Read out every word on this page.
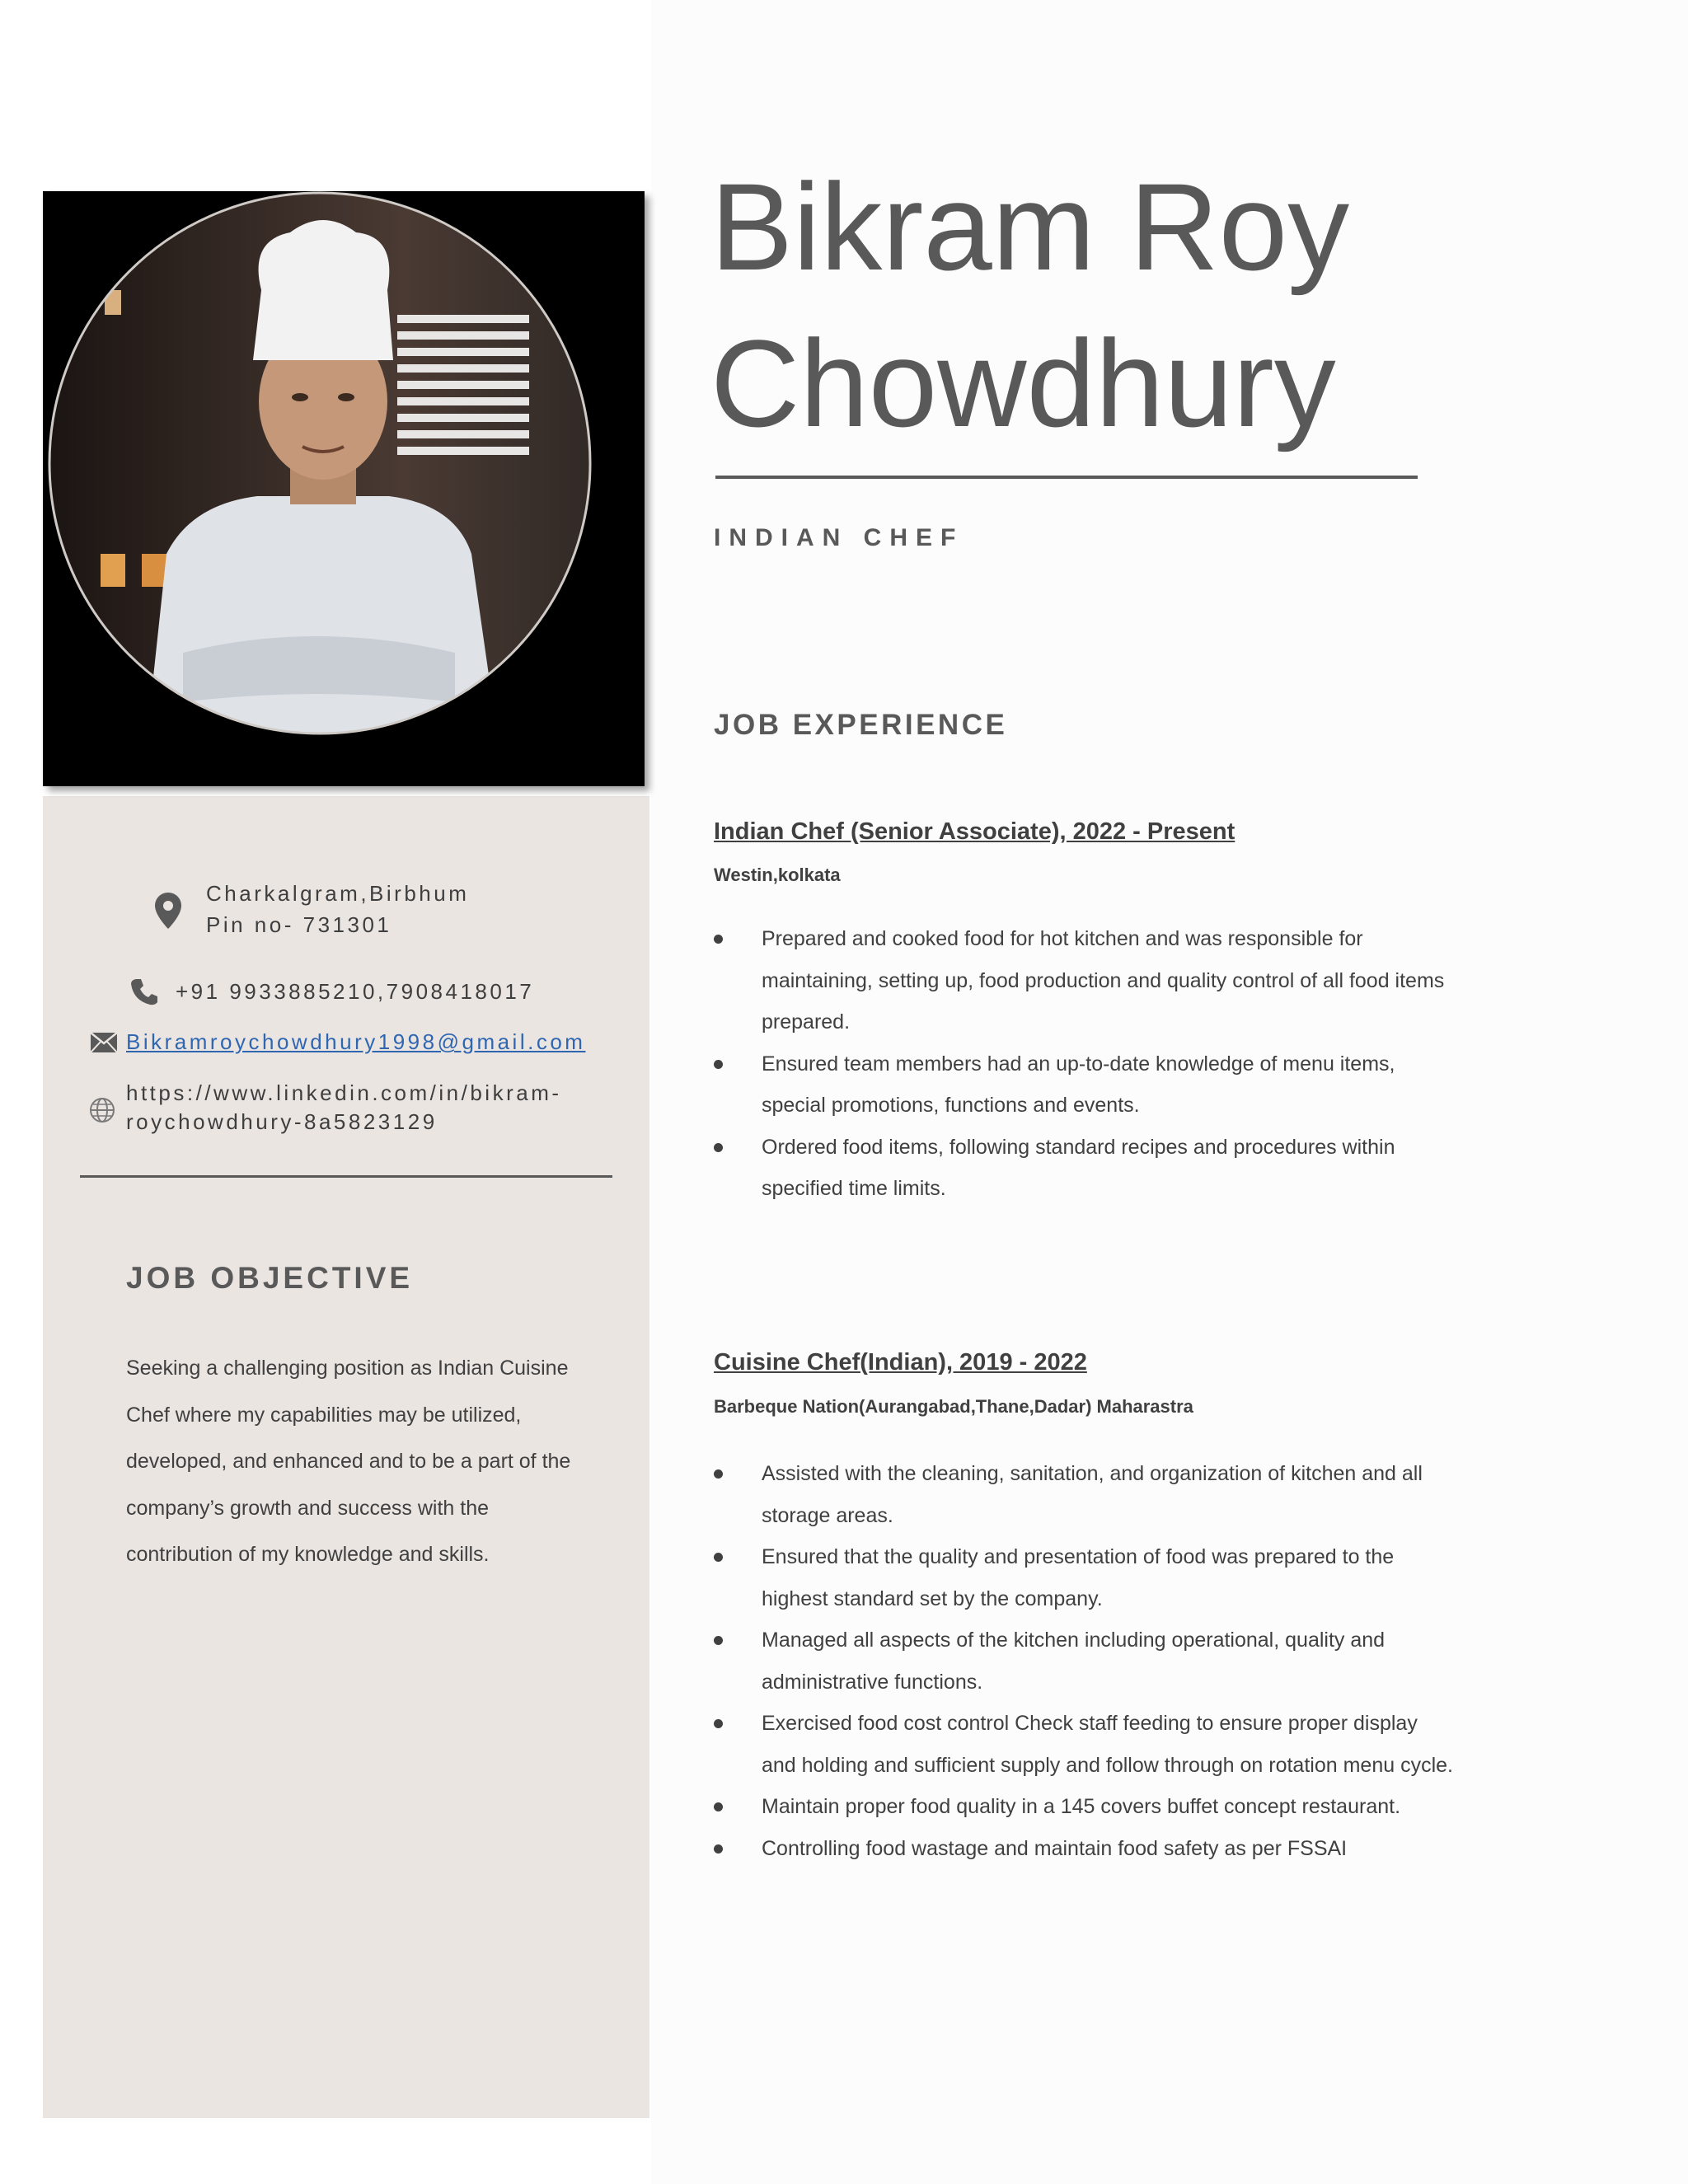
Charkalgram,Birbhum

Pin no- 731301

+91 9933885210,7908418017

Bikramroychowdhury1998@gmail.com

https://www.linkedin.com/in/bikram-

roychowdhury-8a5823129

JOB OBJECTIVE

Seeking a challenging position as Indian Cuisine Chef where my capabilities may be utilized, developed, and enhanced and to be a part of the company’s growth and success with the contribution of my knowledge and skills.

Bikram Roy
Chowdhury

INDIAN CHEF

JOB EXPERIENCE

Indian Chef (Senior Associate), 2022 - Present

Westin,kolkata

Prepared and cooked food for hot kitchen and was responsible for maintaining, setting up, food production and quality control of all food items prepared.
Ensured team members had an up-to-date knowledge of menu items, special promotions, functions and events.
Ordered food items, following standard recipes and procedures within specified time limits.

Cuisine Chef(Indian), 2019 - 2022

Barbeque Nation(Aurangabad,Thane,Dadar) Maharastra

Assisted with the cleaning, sanitation, and organization of kitchen and all storage areas.
Ensured that the quality and presentation of food was prepared to the highest standard set by the company.
Managed all aspects of the kitchen including operational, quality and administrative functions.
Exercised food cost control Check staff feeding to ensure proper display and holding and sufficient supply and follow through on rotation menu cycle.
Maintain proper food quality in a 145 covers buffet concept restaurant.
Controlling food wastage and maintain food safety as per FSSAI
